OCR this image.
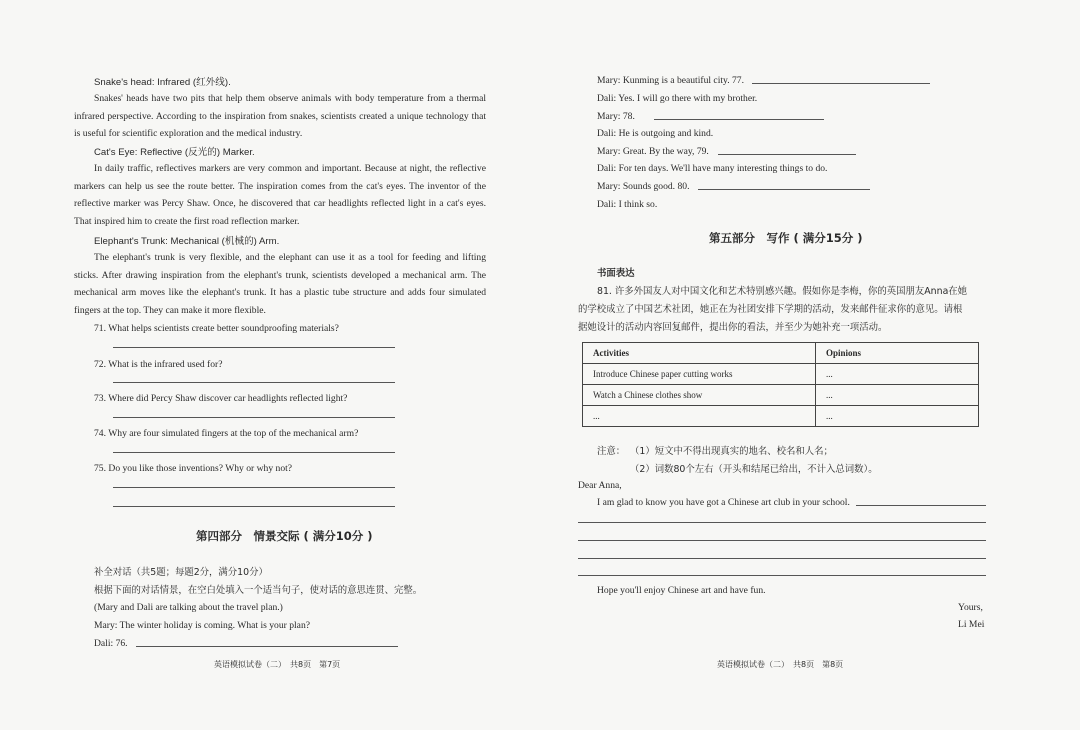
Snake's head: Infrared (红外线).
Snakes' heads have two pits that help them observe animals with body temperature from a thermal infrared perspective. According to the inspiration from snakes, scientists created a unique technology that is useful for scientific exploration and the medical industry.
Cat's Eye: Reflective (反光的) Marker.
In daily traffic, reflectives markers are very common and important. Because at night, the reflective markers can help us see the route better. The inspiration comes from the cat's eyes. The inventor of the reflective marker was Percy Shaw. Once, he discovered that car headlights reflected light in a cat's eyes. That inspired him to create the first road reflection marker.
Elephant's Trunk: Mechanical (机械的) Arm.
The elephant's trunk is very flexible, and the elephant can use it as a tool for feeding and lifting sticks. After drawing inspiration from the elephant's trunk, scientists developed a mechanical arm. The mechanical arm moves like the elephant's trunk. It has a plastic tube structure and adds four simulated fingers at the top. They can make it more flexible.
71. What helps scientists create better soundproofing materials?
72. What is the infrared used for?
73. Where did Percy Shaw discover car headlights reflected light?
74. Why are four simulated fingers at the top of the mechanical arm?
75. Do you like those inventions? Why or why not?
第四部分　情景交际 ( 满分10分 )
补全对话（共5题；每题2分，满分10分）
根据下面的对话情景，在空白处填入一个适当句子，使对话的意思连贯、完整。
(Mary and Dali are talking about the travel plan.)
Mary: The winter holiday is coming. What is your plan?
Dali: 76.
英语模拟试卷（二）　共8页　第7页
Mary: Kunming is a beautiful city. 77.
Dali: Yes. I will go there with my brother.
Mary: 78.
Dali: He is outgoing and kind.
Mary: Great. By the way, 79.
Dali: For ten days. We'll have many interesting things to do.
Mary: Sounds good. 80.
Dali: I think so.
第五部分　写作 ( 满分15分 )
书面表达
81. 许多外国友人对中国文化和艺术特别感兴趣。假如你是李梅，你的英国朋友Anna在她
的学校成立了中国艺术社团，她正在为社团安排下学期的活动，发来邮件征求你的意见。请根
据她设计的活动内容回复邮件，提出你的看法，并至少为她补充一项活动。
Activities	Opinions
Introduce Chinese paper cutting works	...
Watch a Chinese clothes show	...
...	...
注意： （1）短文中不得出现真实的地名、校名和人名；
（2）词数80个左右（开头和结尾已给出，不计入总词数）。
Dear Anna,
I am glad to know you have got a Chinese art club in your school.
Hope you'll enjoy Chinese art and have fun.
Yours,
Li Mei
英语模拟试卷（二）　共8页　第8页
